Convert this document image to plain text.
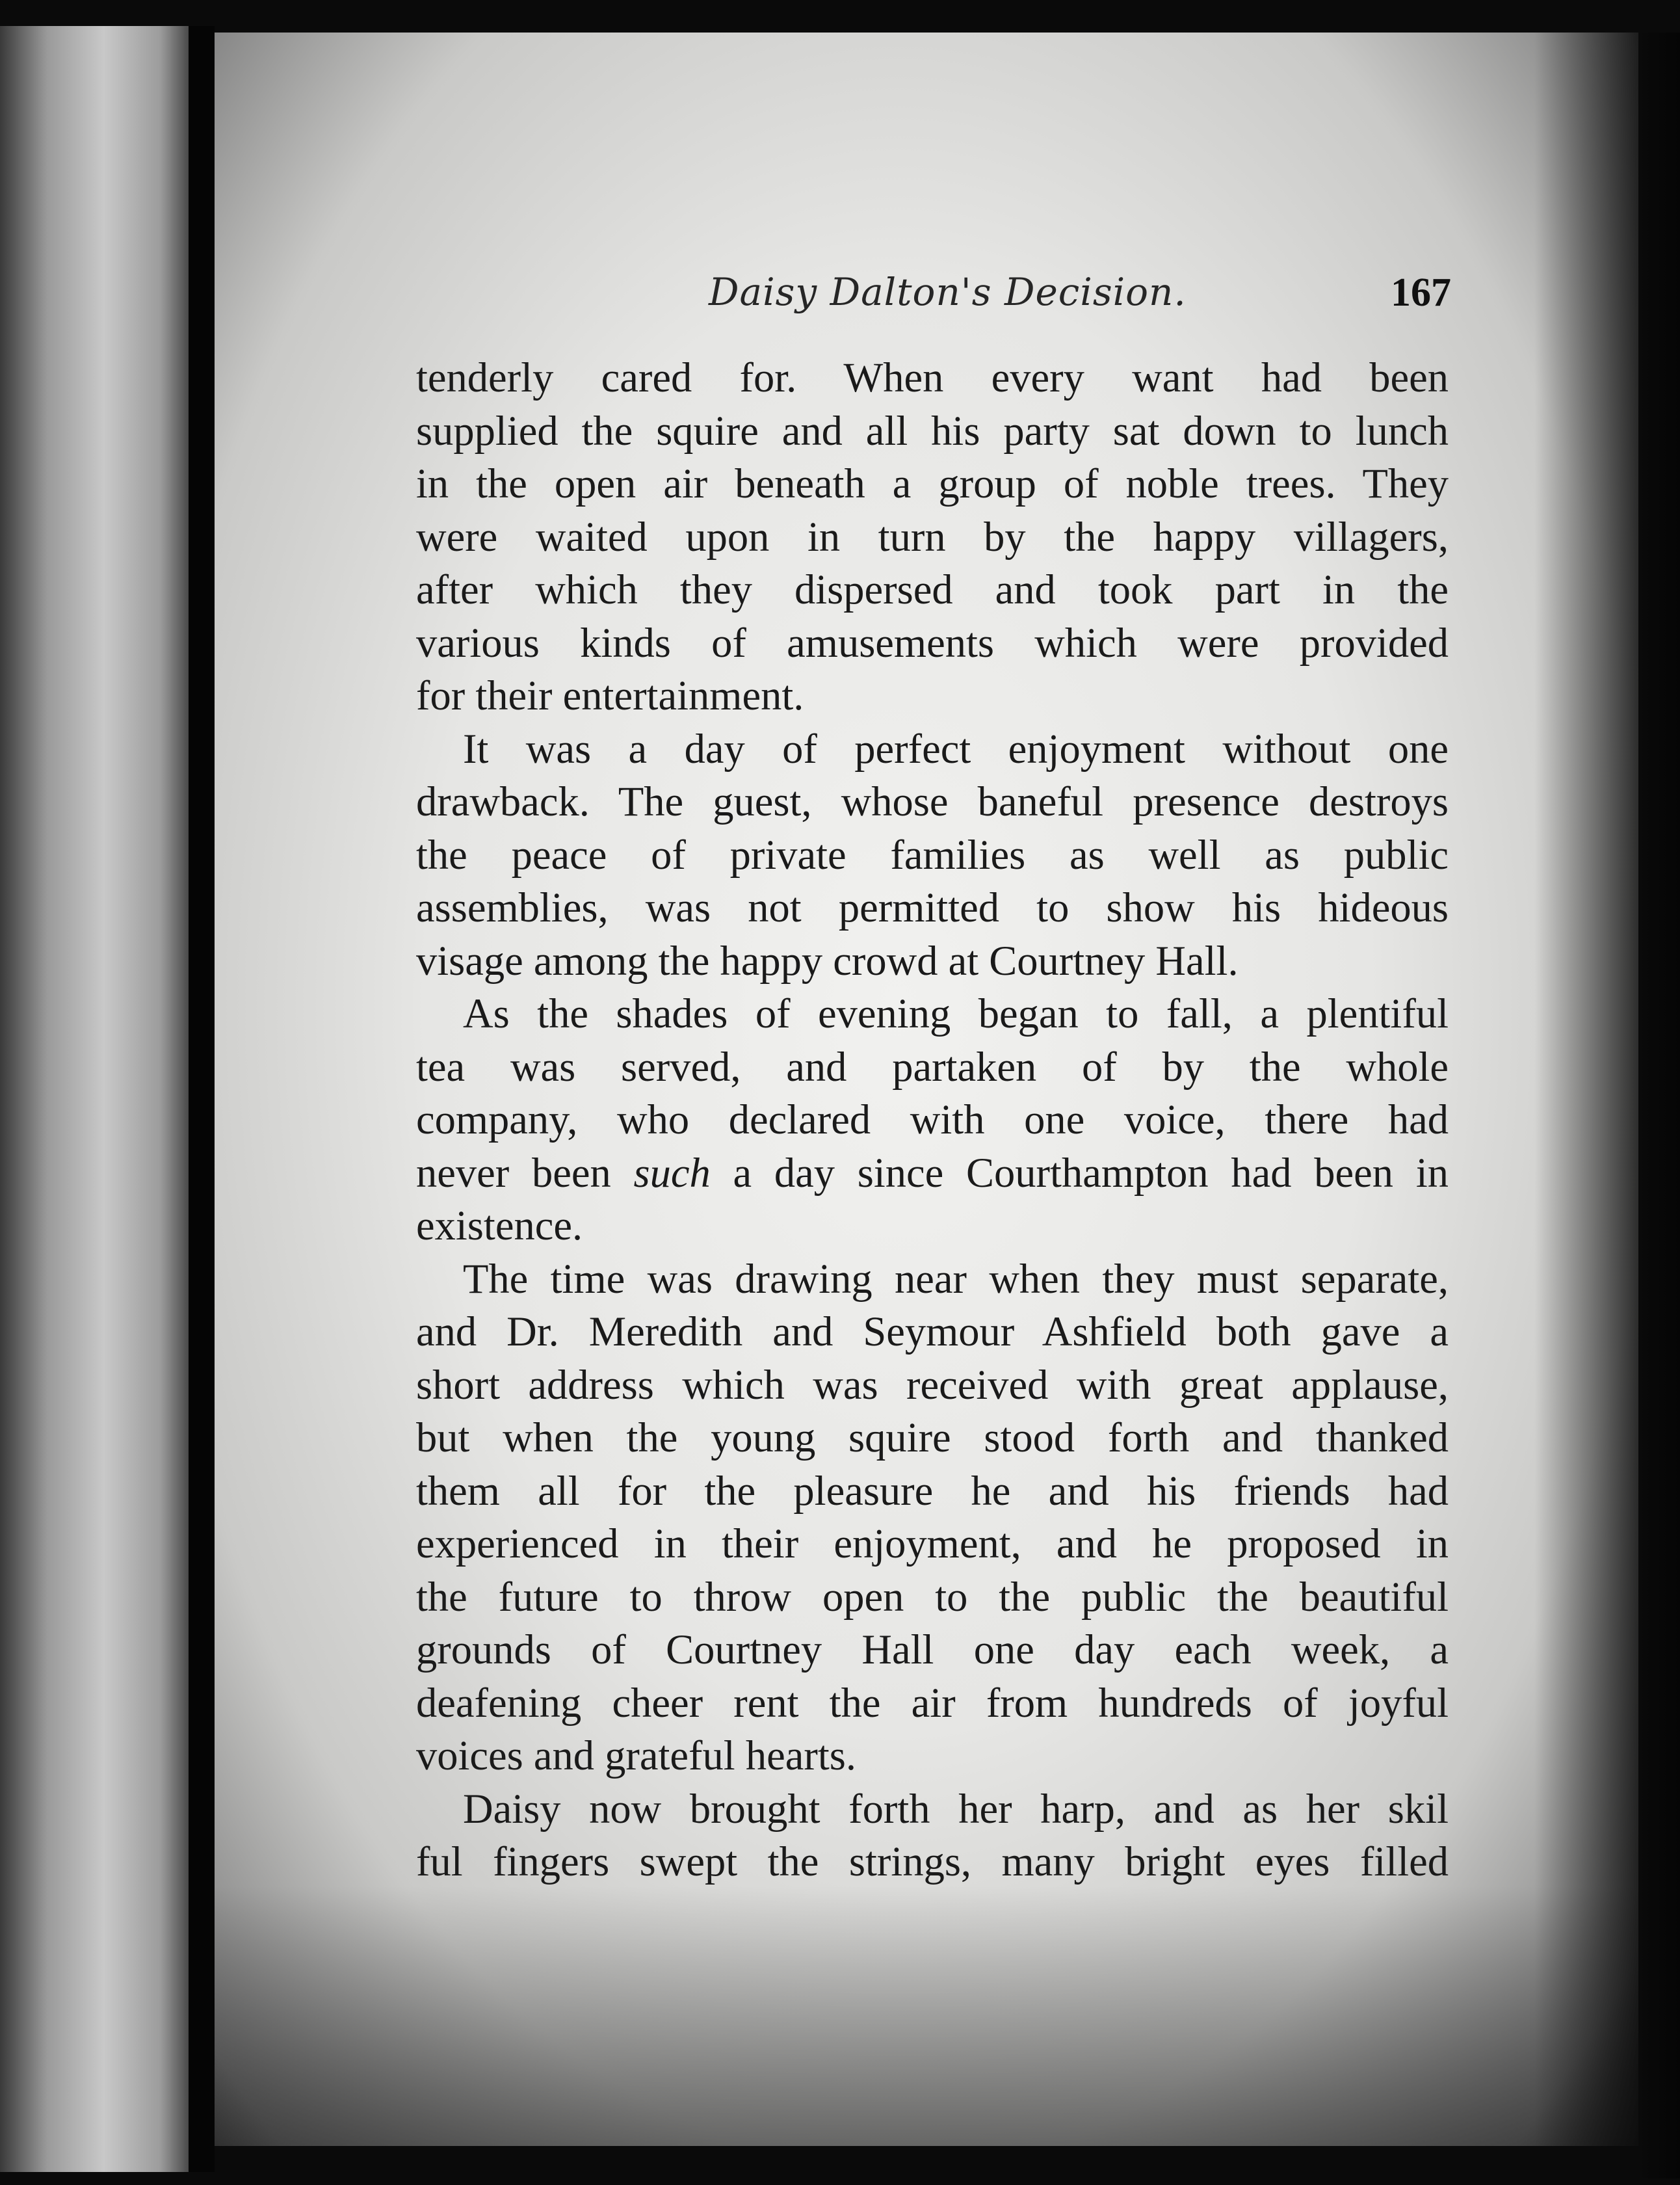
Daisy Dalton's Decision.	167
tenderly cared for. When every want had been
supplied the squire and all his party sat down to lunch
in the open air beneath a group of noble trees. They
were waited upon in turn by the happy villagers,
after which they dispersed and took part in the
various kinds of amusements which were provided
for their entertainment.
It was a day of perfect enjoyment without one
drawback. The guest, whose baneful presence destroys
the peace of private families as well as public
assemblies, was not permitted to show his hideous
visage among the happy crowd at Courtney Hall.
As the shades of evening began to fall, a plentiful
tea was served, and partaken of by the whole
company, who declared with one voice, there had
never been such a day since Courthampton had been in
existence.
The time was drawing near when they must separate,
and Dr. Meredith and Seymour Ashfield both gave a
short address which was received with great applause,
but when the young squire stood forth and thanked
them all for the pleasure he and his friends had
experienced in their enjoyment, and he proposed in
the future to throw open to the public the beautiful
grounds of Courtney Hall one day each week, a
deafening cheer rent the air from hundreds of joyful
voices and grateful hearts.
Daisy now brought forth her harp, and as her skil
ful fingers swept the strings, many bright eyes filled
